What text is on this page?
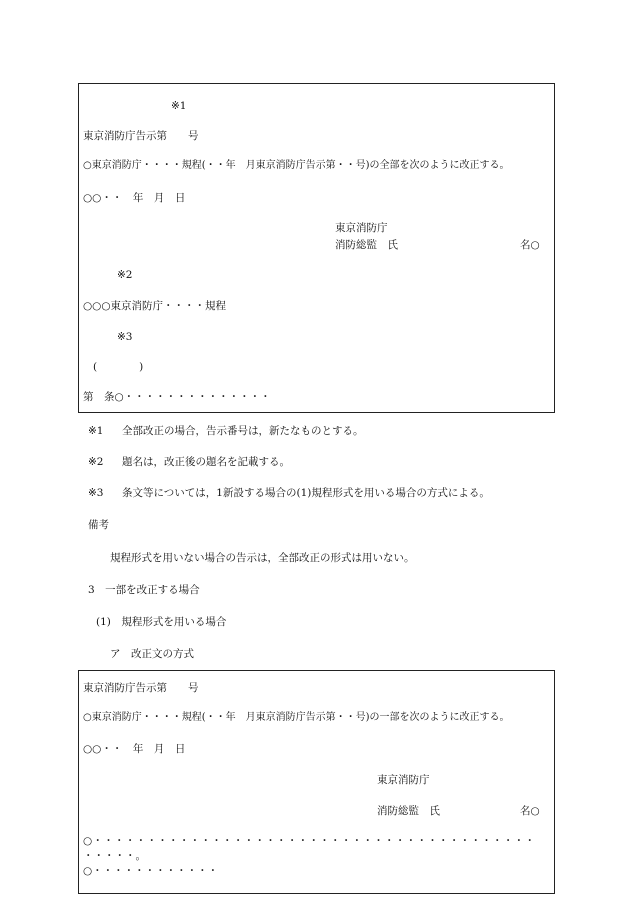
※1
東京消防庁告示第　　号
○東京消防庁・・・・規程(・・年　月東京消防庁告示第・・号)の全部を次のように改正する。
○○・・　年　月　日
東京消防庁
消防総監　氏	名○
※2
○○○東京消防庁・・・・規程
※3
(　　　　)
第　条○・・・・・・・・・・・・・・
※1 全部改正の場合，告示番号は，新たなものとする。
※2 題名は，改正後の題名を記載する。
※3 条文等については，1新設する場合の(1)規程形式を用いる場合の方式による。
備考
規程形式を用いない場合の告示は，全部改正の形式は用いない。
3　一部を改正する場合
(1)　規程形式を用いる場合
ア　改正文の方式
東京消防庁告示第　　号
○東京消防庁・・・・規程(・・年　月東京消防庁告示第・・号)の一部を次のように改正する。
○○・・　年　月　日
東京消防庁
消防総監　氏	名○
○・・・・・・・・・・・・・・・・・・・・・・・・・・・・・・・・・・・・・・・・・
・・・・・。
○・・・・・・・・・・・・
